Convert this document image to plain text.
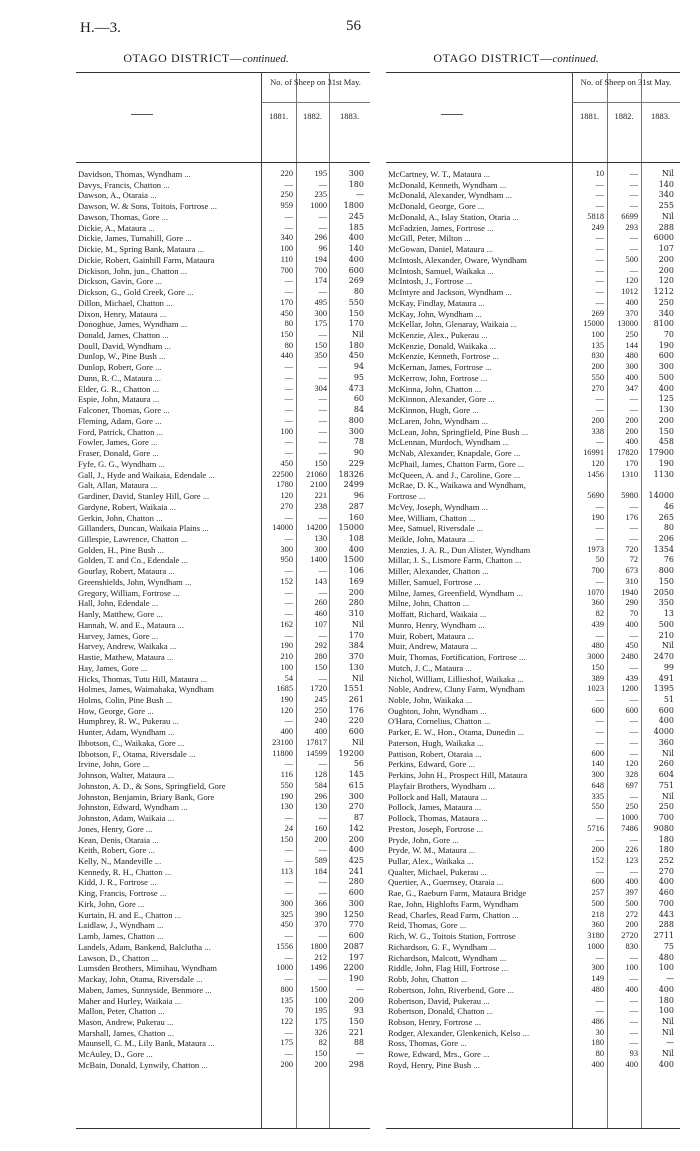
H.—3.	56
OTAGO DISTRICT—continued.
No. of Sheep on 31st May.
1881.	1882.	1883.
Davidson, Thomas, Wyndham ...	220	195	300
Davys, Francis, Chatton ...	—	—	180
Dawson, A., Otaraia ...	250	235	—
Dawson, W. & Sons, Toitois, Fortrose ...	959	1000	1800
Dawson, Thomas, Gore ...	—	—	245
Dickie, A., Mataura ...	—	—	185
Dickie, James, Tumahill, Gore ...	340	296	400
Dickie, M., Spring Bank, Mataura ...	100	96	140
Dickie, Robert, Gainhill Farm, Mataura	110	194	400
Dickison, John, jun., Chatton ...	700	700	600
Dickson, Gavin, Gore ...	—	174	269
Dickson, G., Gold Creek, Gore ...	—	—	80
Dillon, Michael, Chatton ...	170	495	550
Dixon, Henry, Mataura ...	450	300	150
Donoghue, James, Wyndham ...	80	175	170
Donald, James, Chatton ...	150	—	Nil
Doull, David, Wyndham ...	80	150	180
Dunlop, W., Pine Bush ...	440	350	450
Dunlop, Robert, Gore ...	—	—	94
Dunn, R. C., Mataura ...	—	—	95
Elder, G. R., Chatton ...	—	304	473
Espie, John, Mataura ...	—	—	60
Falconer, Thomas, Gore ...	—	—	84
Fleming, Adam, Gore ...	—	—	800
Ford, Patrick, Chatton ...	100	—	300
Fowler, James, Gore ...	—	—	78
Fraser, Donald, Gore ...	—	—	90
Fyfe, G. G., Wyndham ...	450	150	229
Gall, J., Hyde and Waikaia, Edendale ...	22500	21060	18326
Galt, Allan, Mataura ...	1780	2100	2499
Gardiner, David, Stanley Hill, Gore ...	120	221	96
Gardyne, Robert, Waikaia ...	270	238	287
Gerkin, John, Chatton ...	—	—	160
Gillanders, Duncan, Waikaia Plains ...	14000	14200	15000
Gillespie, Lawrence, Chatton ...	—	130	108
Golden, H., Pine Bush ...	300	300	400
Golden, T. and Co., Edendale ...	950	1400	1500
Gourlay, Robert, Mataura ...	—	—	106
Greenshields, John, Wyndham ...	152	143	169
Gregory, William, Fortrose ...	—	—	200
Hall, John, Edendale ...	—	260	280
Hanly, Matthew, Gore ...	—	460	310
Hannah, W. and E., Mataura ...	162	107	Nil
Harvey, James, Gore ...	—	—	170
Harvey, Andrew, Waikaka ...	190	292	384
Hastie, Mathew, Mataura ...	210	280	370
Hay, James, Gore ...	100	150	130
Hicks, Thomas, Tutu Hill, Mataura ...	54	—	Nil
Holmes, James, Waimahaka, Wyndham	1685	1720	1551
Holms, Colin, Pine Bush ...	190	245	261
How, George, Gore ...	120	250	176
Humphrey, R. W., Pukerau ...	—	240	220
Hunter, Adam, Wyndham ...	400	400	600
Ibbotson, C., Waikaka, Gore ...	23100	17817	Nil
Ibbotson, F., Otama, Riversdale ...	11800	14599	19200
Irvine, John, Gore ...	—	—	56
Johnson, Walter, Mataura ...	116	128	145
Johnston, A. D., & Sons, Springfield, Gore	550	584	615
Johnston, Benjamin, Briary Bank, Gore	190	296	300
Johnston, Edward, Wyndham ...	130	130	270
Johnston, Adam, Waikaia ...	—	—	87
Jones, Henry, Gore ...	24	160	142
Kean, Denis, Otaraia ...	150	200	200
Keith, Robert, Gore ...	—	—	400
Kelly, N., Mandeville ...	—	589	425
Kennedy, R. H., Chatton ...	113	184	241
Kidd, J. R., Fortrose ...	—	—	280
King, Francis, Fortrose ...	—	—	600
Kirk, John, Gore ...	300	366	300
Kurtain, H. and E., Chatton ...	325	390	1250
Laidlaw, J., Wyndham ...	450	370	770
Lamb, James, Chatton ...	—	—	600
Landels, Adam, Bankend, Balclutha ...	1556	1800	2087
Lawson, D., Chatton ...	—	212	197
Lumsden Brothers, Mimihau, Wyndham	1000	1496	2200
Mackay, John, Otama, Riversdale ...	—	—	190
Maben, James, Sunnyside, Benmore ...	800	1500	—
Maher and Hurley, Waikaia ...	135	100	200
Mallon, Peter, Chatton ...	70	195	93
Mason, Andrew, Pukerau ...	122	175	150
Marshall, James, Chatton ...	—	326	221
Maunsell, C. M., Lily Bank, Mataura ...	175	82	88
McAuley, D., Gore ...	—	150	—
McBain, Donald, Lynwily, Chatton ...	200	200	298
OTAGO DISTRICT—continued.
No. of Sheep on 31st May.
1881.	1882.	1883.
McCartney, W. T., Mataura ...	10	—	Nil
McDonald, Kenneth, Wyndham ...	—	—	140
McDonald, Alexander, Wyndham ...	—	—	340
McDonald, George, Gore ...	—	—	255
McDonald, A., Islay Station, Otaria ...	5818	6699	Nil
McFadzien, James, Fortrose ...	249	293	288
McGill, Peter, Milton ...	—	—	6000
McGowan, Daniel, Mataura ...	—	—	107
McIntosh, Alexander, Oware, Wyndham	—	500	200
McIntosh, Samuel, Waikaka ...	—	—	200
McIntosh, J., Fortrose ...	—	120	120
McIntyre and Jackson, Wyndham ...	—	1012	1212
McKay, Findlay, Mataura ...	—	400	250
McKay, John, Wyndham ...	269	370	340
McKellar, John, Glenaray, Waikaia ...	15000	13000	8100
McKenzie, Alex., Pukerau ...	100	250	70
McKenzie, Donald, Waikaka ...	135	144	190
McKenzie, Kenneth, Fortrose ...	830	480	600
McKernan, James, Fortrose ...	200	300	300
McKerrow, John, Fortrose ...	550	400	500
McKinna, John, Chatton ...	270	347	400
McKinnon, Alexander, Gore ...	—	—	125
McKinnon, Hugh, Gore ...	—	—	130
McLaren, John, Wyndham ...	200	200	200
McLean, John, Springfield, Pine Bush ...	338	200	150
McLennan, Murdoch, Wyndham ...	—	400	458
McNab, Alexander, Knapdale, Gore ...	16991	17820	17900
McPhail, James, Chatton Farm, Gore ...	120	170	190
McQueen, A. and J., Caroline, Gore ...	1456	1310	1130
McRae, D. K., Waikawa and Wyndham,
Fortrose ...	5690	5980	14000
McVey, Joseph, Wyndham ...	—	—	46
Mee, William, Chatton ...	190	176	265
Mee, Samuel, Riversdale ...	—	—	80
Meikle, John, Mataura ...	—	—	206
Menzies, J. A. R., Dun Alister, Wyndham	1973	720	1354
Millar, J. S., Lismore Farm, Chatton ...	50	72	76
Miller, Alexander, Chatton ...	700	673	800
Miller, Samuel, Fortrose ...	—	310	150
Milne, James, Greenfield, Wyndham ...	1070	1940	2050
Milne, John, Chatton ...	360	290	350
Moffatt, Richard, Waikaia ...	82	70	13
Munro, Henry, Wyndham ...	439	400	500
Muir, Robert, Mataura ...	—	—	210
Muir, Andrew, Mataura ...	480	450	Nil
Muir, Thomas, Fortification, Fortrose ...	3000	2480	2470
Mutch, J. C., Mataura ...	150	—	99
Nichol, William, Lillieshof, Waikaka ...	389	439	491
Noble, Andrew, Cluny Farm, Wyndham	1023	1200	1395
Noble, John, Waikaka ...	—	—	51
Oughton, John, Wyndham ...	600	600	600
O'Hara, Cornelius, Chatton ...	—	—	400
Parker, E. W., Hon., Otama, Dunedin ...	—	—	4000
Paterson, Hugh, Waikaka ...	—	—	360
Pattison, Robert, Otaraia ...	600	—	Nil
Perkins, Edward, Gore ...	140	120	260
Perkins, John H., Prospect Hill, Mataura	300	328	604
Playfair Brothers, Wyndham ...	648	697	751
Pollock and Hall, Mataura ...	335	—	Nil
Pollock, James, Mataura ...	550	250	250
Pollock, Thomas, Mataura ...	—	1000	700
Preston, Joseph, Fortrose ...	5716	7486	9080
Pryde, John, Gore ...	—	—	180
Pryde, W. M., Mataura ...	200	226	180
Pullar, Alex., Waikaka ...	152	123	252
Qualter, Michael, Pukerau ...	—	—	270
Quertier, A., Guernsey, Otaraia ...	600	400	400
Rae, G., Raeburn Farm, Mataura Bridge	257	397	460
Rae, John, Highlofts Farm, Wyndham	500	500	700
Read, Charles, Read Farm, Chatton ...	218	272	443
Reid, Thomas, Gore ...	360	200	288
Rich, W. G., Toitois Station, Fortrose	3180	2720	2711
Richardson, G. F., Wyndham ...	1000	830	75
Richardson, Malcott, Wyndham ...	—	—	480
Riddle, John, Flag Hill, Fortrose ...	300	100	100
Robb, John, Chatton ...	149	—	—
Robertson, John, Riverbend, Gore ...	480	400	400
Robertson, David, Pukerau ...	—	—	180
Robertson, Donald, Chatton ...	—	—	100
Robson, Henry, Fortrose ...	486	—	Nil
Rodger, Alexander, Glenkenich, Kelso ...	30	—	Nil
Ross, Thomas, Gore ...	180	—	—
Rowe, Edward, Mrs., Gore ...	80	93	Nil
Royd, Henry, Pine Bush ...	400	400	400
